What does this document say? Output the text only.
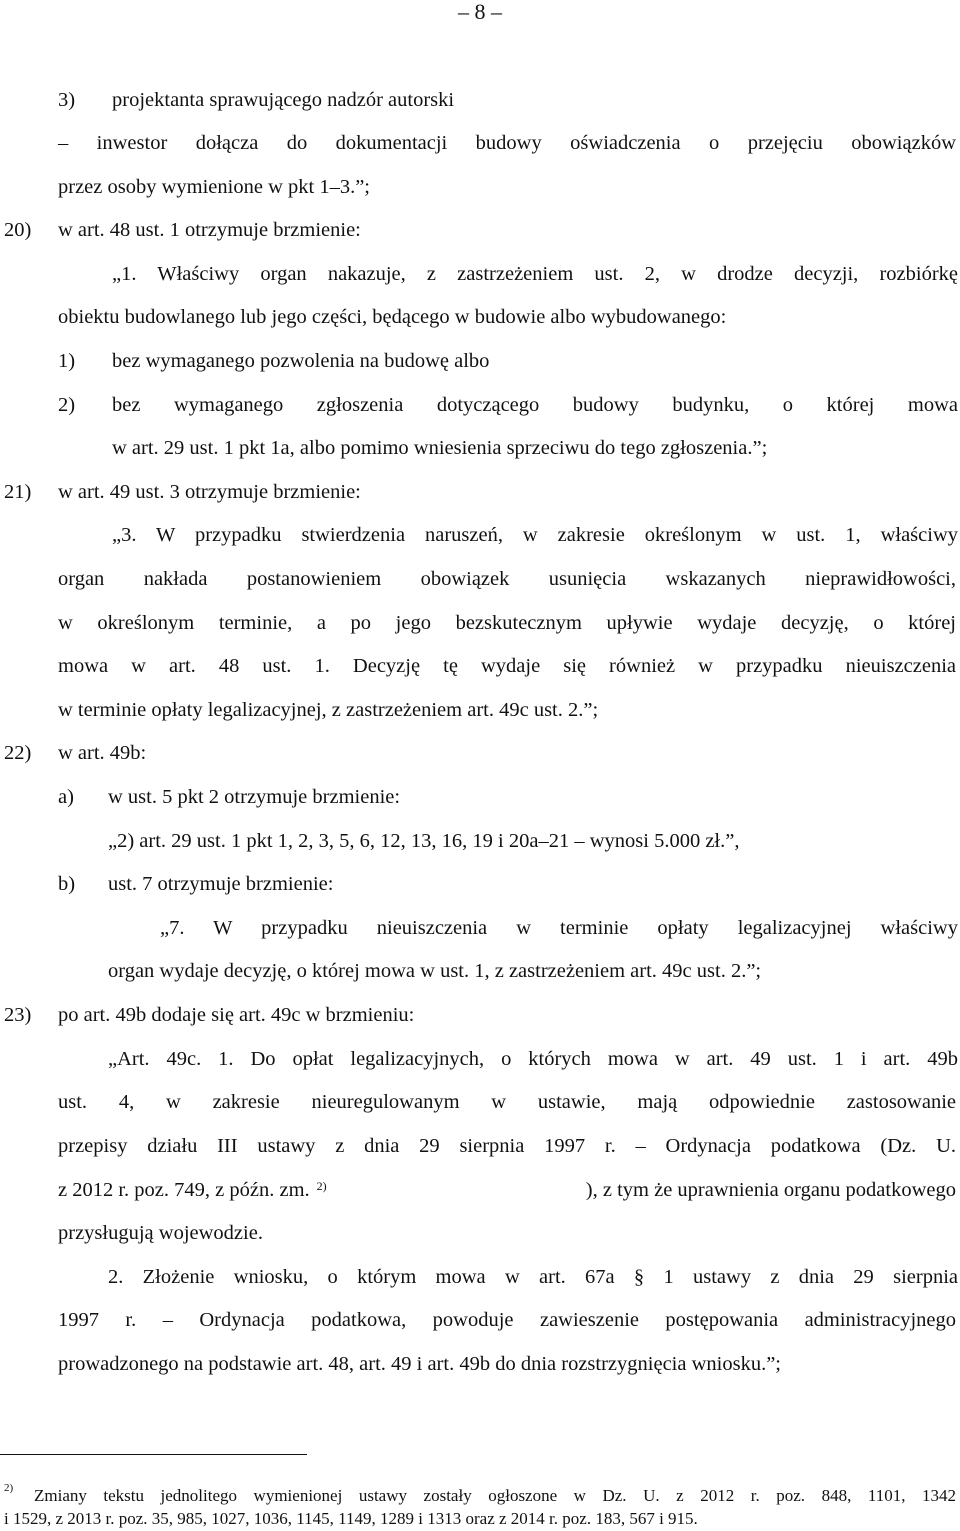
– 8 –
3) projektanta sprawującego nadzór autorski
– inwestor dołącza do dokumentacji budowy oświadczenia o przejęciu obowiązków
przez osoby wymienione w pkt 1–3.”;
20) w art. 48 ust. 1 otrzymuje brzmienie:
„1. Właściwy organ nakazuje, z zastrzeżeniem ust. 2, w drodze decyzji, rozbiórkę
obiektu budowlanego lub jego części, będącego w budowie albo wybudowanego:
1) bez wymaganego pozwolenia na budowę albo
2) bez wymaganego zgłoszenia dotyczącego budowy budynku, o której mowa
w art. 29 ust. 1 pkt 1a, albo pomimo wniesienia sprzeciwu do tego zgłoszenia.”;
21) w art. 49 ust. 3 otrzymuje brzmienie:
„3. W przypadku stwierdzenia naruszeń, w zakresie określonym w ust. 1, właściwy
organ nakłada postanowieniem obowiązek usunięcia wskazanych nieprawidłowości,
w określonym terminie, a po jego bezskutecznym upływie wydaje decyzję, o której
mowa w art. 48 ust. 1. Decyzję tę wydaje się również w przypadku nieuiszczenia
w terminie opłaty legalizacyjnej, z zastrzeżeniem art. 49c ust. 2.”;
22) w art. 49b:
a) w ust. 5 pkt 2 otrzymuje brzmienie:
„2) art. 29 ust. 1 pkt 1, 2, 3, 5, 6, 12, 13, 16, 19 i 20a–21 – wynosi 5.000 zł.”,
b) ust. 7 otrzymuje brzmienie:
„7. W przypadku nieuiszczenia w terminie opłaty legalizacyjnej właściwy
organ wydaje decyzję, o której mowa w ust. 1, z zastrzeżeniem art. 49c ust. 2.”;
23) po art. 49b dodaje się art. 49c w brzmieniu:
„Art. 49c. 1. Do opłat legalizacyjnych, o których mowa w art. 49 ust. 1 i art. 49b
ust. 4, w zakresie nieuregulowanym w ustawie, mają odpowiednie zastosowanie
przepisy działu III ustawy z dnia 29 sierpnia 1997 r. – Ordynacja podatkowa (Dz. U.
z 2012 r. poz. 749, z późn. zm. $^{2)}$	), z tym że uprawnienia organu podatkowego
przysługują wojewodzie.
2. Złożenie wniosku, o którym mowa w art. 67a § 1 ustawy z dnia 29 sierpnia
1997 r. – Ordynacja podatkowa, powoduje zawieszenie postępowania administracyjnego
prowadzonego na podstawie art. 48, art. 49 i art. 49b do dnia rozstrzygnięcia wniosku.”;
2) Zmiany tekstu jednolitego wymienionej ustawy zostały ogłoszone w Dz. U. z 2012 r. poz. 848, 1101, 1342
i 1529, z 2013 r. poz. 35, 985, 1027, 1036, 1145, 1149, 1289 i 1313 oraz z 2014 r. poz. 183, 567 i 915.
